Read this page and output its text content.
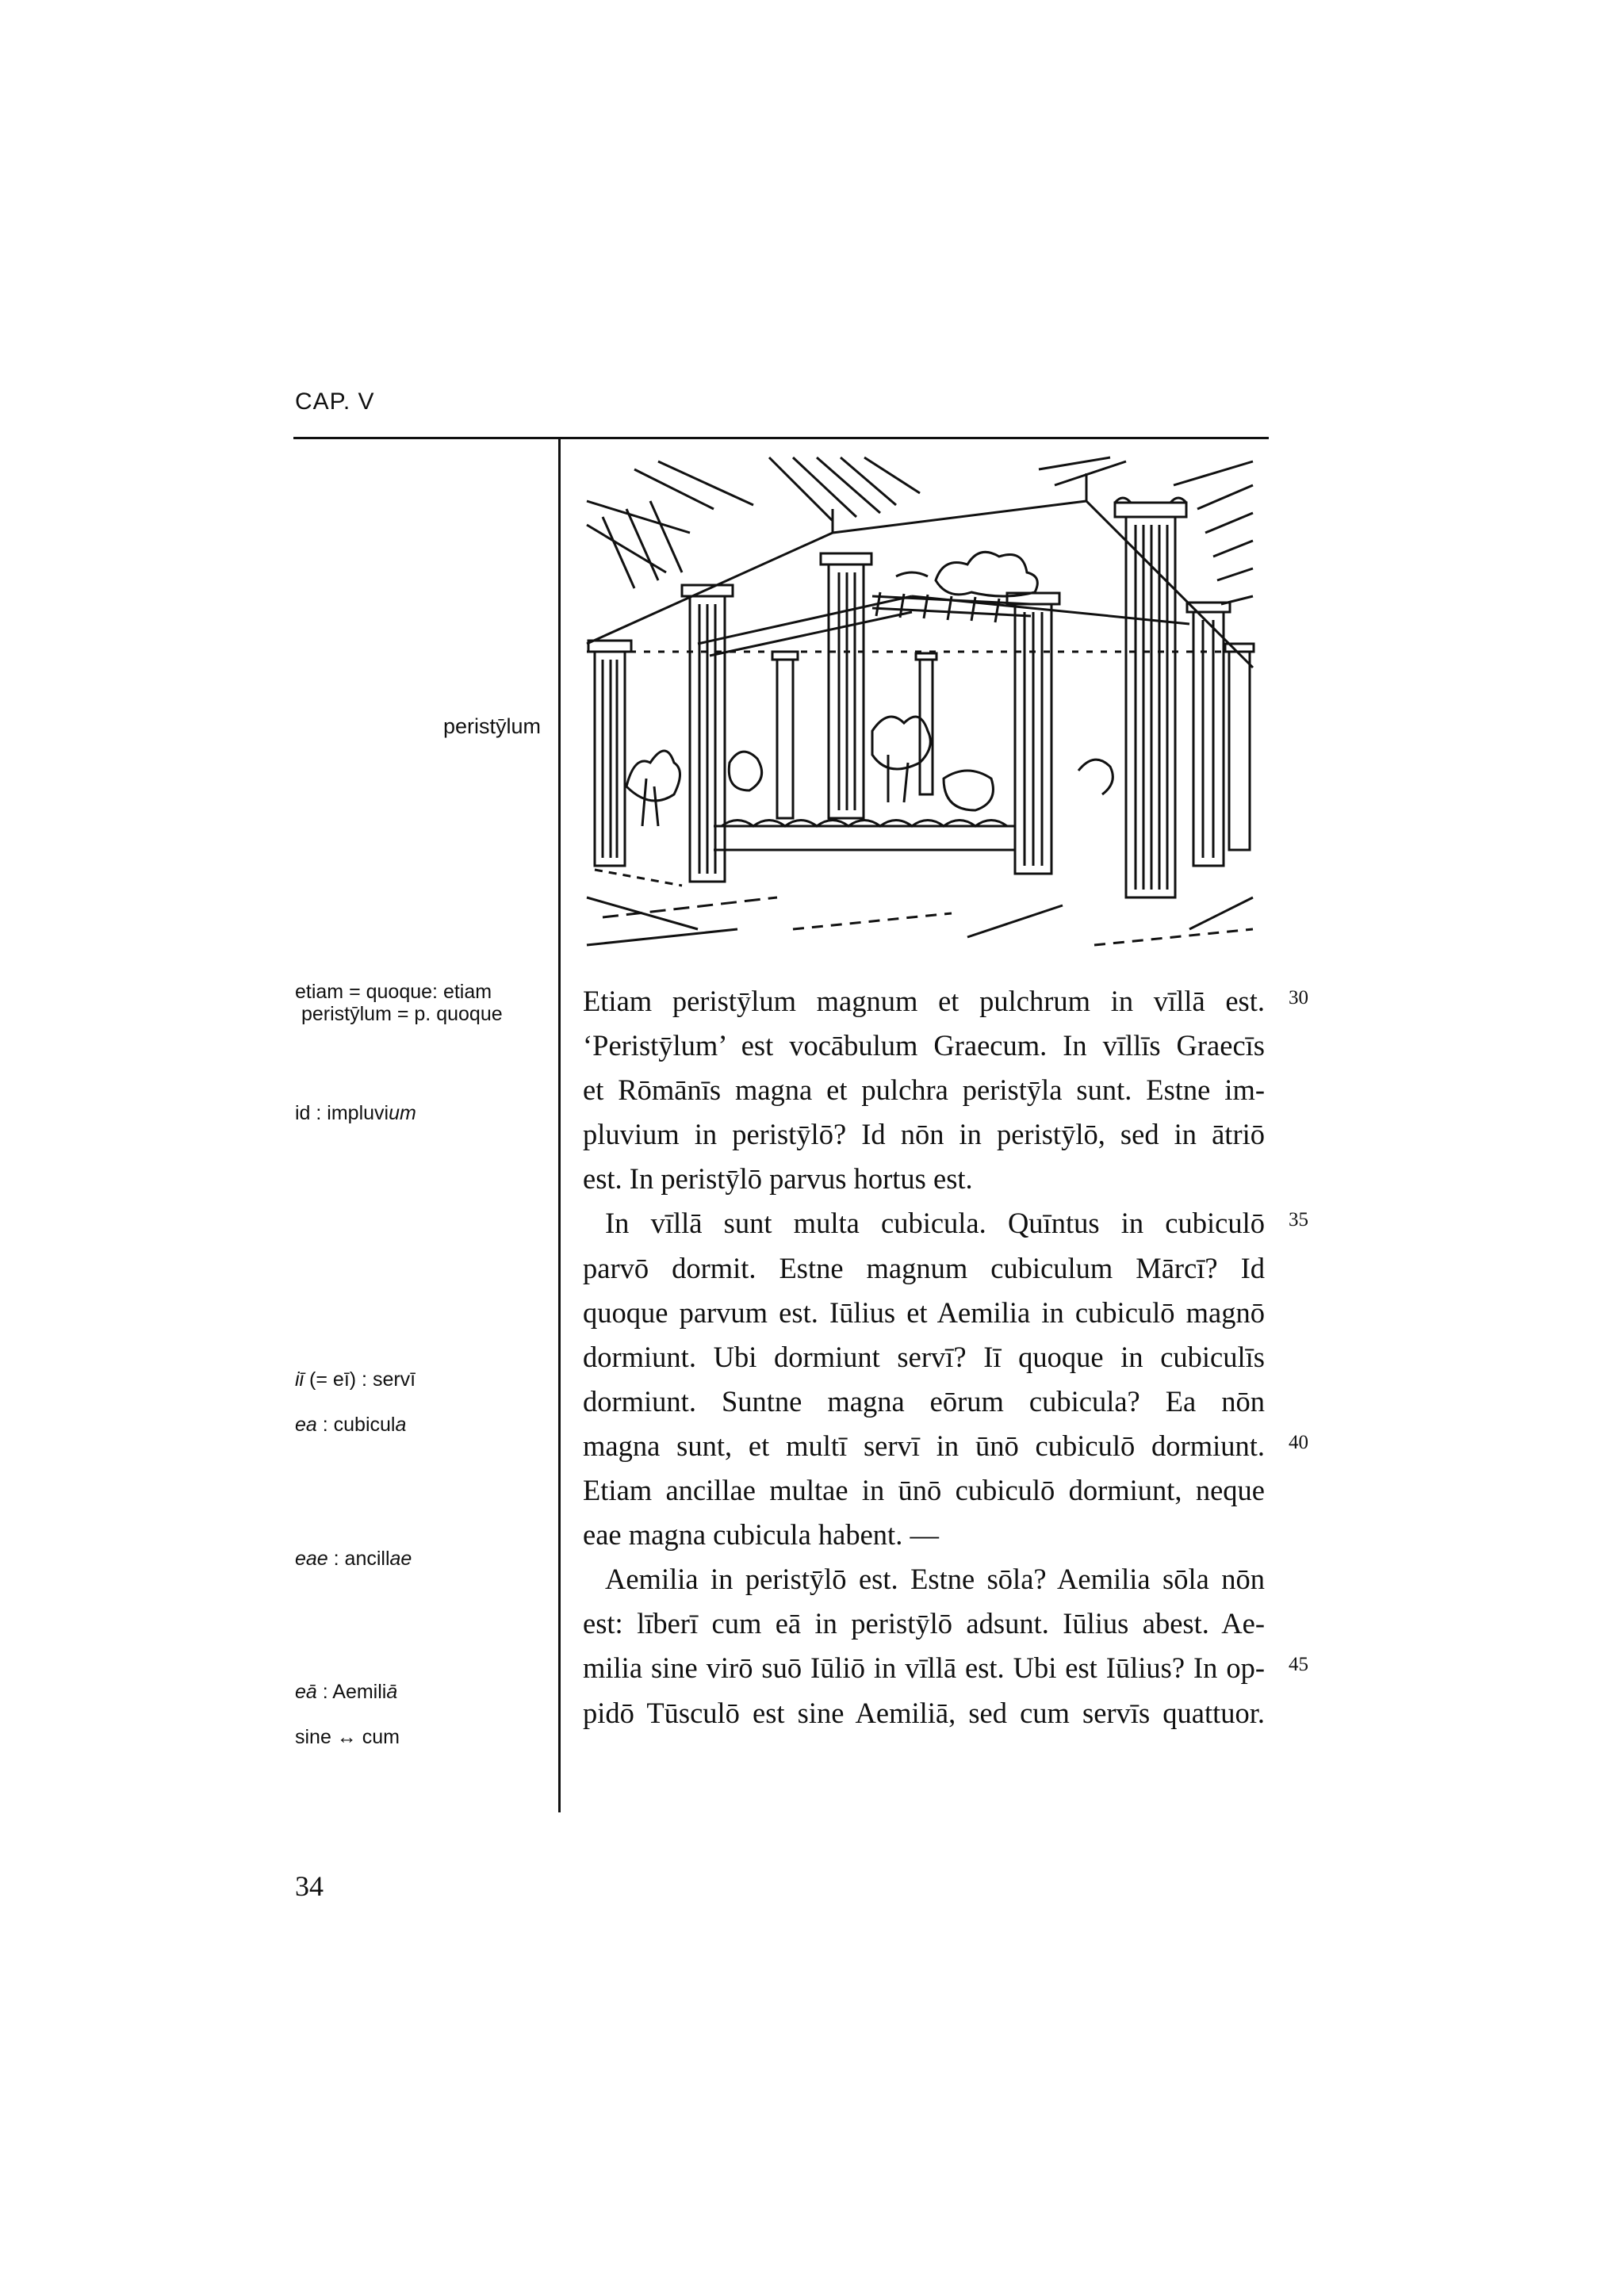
CAP. V
peristȳlum
etiam = quoque: etiam
peristȳlum = p. quoque
id : impluvium
iī (= eī) : servī
ea : cubicula
eae : ancillae
eā : Aemiliā
sine ↔ cum
Etiam peristȳlum magnum et pulchrum in vīllā est.
‘Peristȳlum’ est vocābulum Graecum. In vīllīs Graecīs
et Rōmānīs magna et pulchra peristȳla sunt. Estne im-
pluvium in peristȳlō? Id nōn in peristȳlō, sed in ātriō
est. In peristȳlō parvus hortus est.
In vīllā sunt multa cubicula. Quīntus in cubiculō
parvō dormit. Estne magnum cubiculum Mārcī? Id
quoque parvum est. Iūlius et Aemilia in cubiculō magnō
dormiunt. Ubi dormiunt servī? Iī quoque in cubiculīs
dormiunt. Suntne magna eōrum cubicula? Ea nōn
magna sunt, et multī servī in ūnō cubiculō dormiunt.
Etiam ancillae multae in ūnō cubiculō dormiunt, neque
eae magna cubicula habent. —
Aemilia in peristȳlō est. Estne sōla? Aemilia sōla nōn
est: līberī cum eā in peristȳlō adsunt. Iūlius abest. Ae-
milia sine virō suō Iūliō in vīllā est. Ubi est Iūlius? In op-
pidō Tūsculō est sine Aemiliā, sed cum servīs quattuor.
30
35
40
45
34
